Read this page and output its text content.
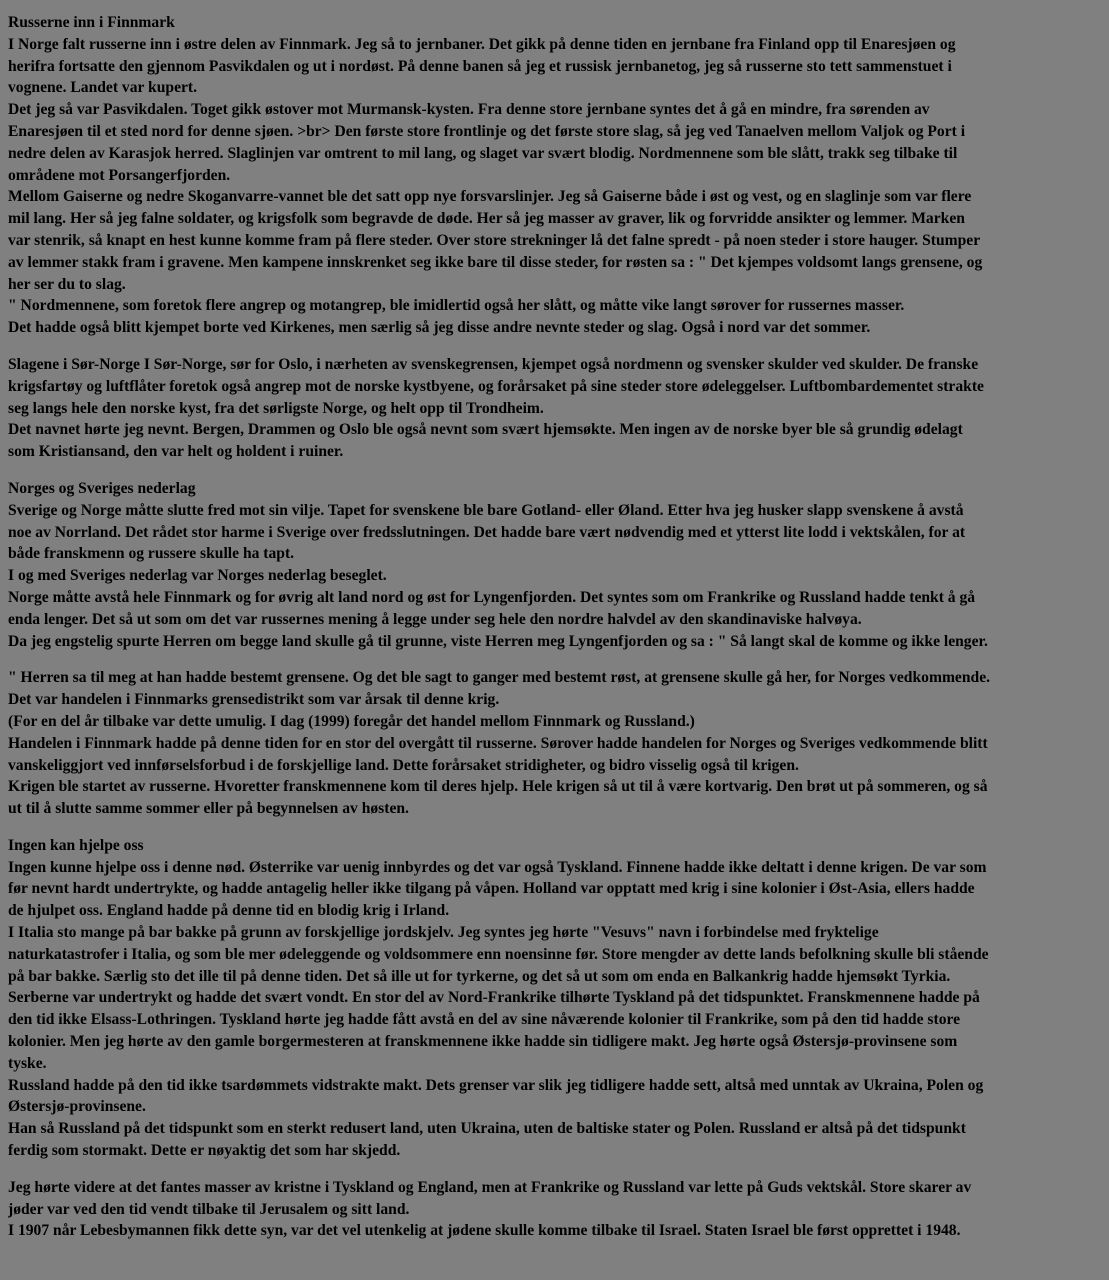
Russerne inn i Finnmark
I Norge falt russerne inn i østre delen av Finnmark. Jeg så to jernbaner. Det gikk på denne tiden en jernbane fra Finland opp til Enaresjøen og
herifra fortsatte den gjennom Pasvikdalen og ut i nordøst. På denne banen så jeg et russisk jernbanetog, jeg så russerne sto tett sammenstuet i
vognene. Landet var kupert.
Det jeg så var Pasvikdalen. Toget gikk østover mot Murmansk-kysten. Fra denne store jernbane syntes det å gå en mindre, fra sørenden av
Enaresjøen til et sted nord for denne sjøen. >br> Den første store frontlinje og det første store slag, så jeg ved Tanaelven mellom Valjok og Port i
nedre delen av Karasjok herred. Slaglinjen var omtrent to mil lang, og slaget var svært blodig. Nordmennene som ble slått, trakk seg tilbake til
områdene mot Porsangerfjorden.
Mellom Gaiserne og nedre Skoganvarre-vannet ble det satt opp nye forsvarslinjer. Jeg så Gaiserne både i øst og vest, og en slaglinje som var flere
mil lang. Her så jeg falne soldater, og krigsfolk som begravde de døde. Her så jeg masser av graver, lik og forvridde ansikter og lemmer. Marken
var stenrik, så knapt en hest kunne komme fram på flere steder. Over store strekninger lå det falne spredt - på noen steder i store hauger. Stumper
av lemmer stakk fram i gravene. Men kampene innskrenket seg ikke bare til disse steder, for røsten sa : " Det kjempes voldsomt langs grensene, og
her ser du to slag.
" Nordmennene, som foretok flere angrep og motangrep, ble imidlertid også her slått, og måtte vike langt sørover for russernes masser.
Det hadde også blitt kjempet borte ved Kirkenes, men særlig så jeg disse andre nevnte steder og slag. Også i nord var det sommer.
Slagene i Sør-Norge I Sør-Norge, sør for Oslo, i nærheten av svenskegrensen, kjempet også nordmenn og svensker skulder ved skulder. De franske
krigsfartøy og luftflåter foretok også angrep mot de norske kystbyene, og forårsaket på sine steder store ødeleggelser. Luftbombardementet strakte
seg langs hele den norske kyst, fra det sørligste Norge, og helt opp til Trondheim.
Det navnet hørte jeg nevnt. Bergen, Drammen og Oslo ble også nevnt som svært hjemsøkte. Men ingen av de norske byer ble så grundig ødelagt
som Kristiansand, den var helt og holdent i ruiner.
Norges og Sveriges nederlag
Sverige og Norge måtte slutte fred mot sin vilje. Tapet for svenskene ble bare Gotland- eller Øland. Etter hva jeg husker slapp svenskene å avstå
noe av Norrland. Det rådet stor harme i Sverige over fredsslutningen. Det hadde bare vært nødvendig med et ytterst lite lodd i vektskålen, for at
både franskmenn og russere skulle ha tapt.
I og med Sveriges nederlag var Norges nederlag beseglet.
Norge måtte avstå hele Finnmark og for øvrig alt land nord og øst for Lyngenfjorden. Det syntes som om Frankrike og Russland hadde tenkt å gå
enda lenger. Det så ut som om det var russernes mening å legge under seg hele den nordre halvdel av den skandinaviske halvøya.
Da jeg engstelig spurte Herren om begge land skulle gå til grunne, viste Herren meg Lyngenfjorden og sa : " Så langt skal de komme og ikke lenger.
" Herren sa til meg at han hadde bestemt grensene. Og det ble sagt to ganger med bestemt røst, at grensene skulle gå her, for Norges vedkommende.
Det var handelen i Finnmarks grensedistrikt som var årsak til denne krig.
(For en del år tilbake var dette umulig. I dag (1999) foregår det handel mellom Finnmark og Russland.)
Handelen i Finnmark hadde på denne tiden for en stor del overgått til russerne. Sørover hadde handelen for Norges og Sveriges vedkommende blitt
vanskeliggjort ved innførselsforbud i de forskjellige land. Dette forårsaket stridigheter, og bidro visselig også til krigen.
Krigen ble startet av russerne. Hvoretter franskmennene kom til deres hjelp. Hele krigen så ut til å være kortvarig. Den brøt ut på sommeren, og så
ut til å slutte samme sommer eller på begynnelsen av høsten.
Ingen kan hjelpe oss
Ingen kunne hjelpe oss i denne nød. Østerrike var uenig innbyrdes og det var også Tyskland. Finnene hadde ikke deltatt i denne krigen. De var som
før nevnt hardt undertrykte, og hadde antagelig heller ikke tilgang på våpen. Holland var opptatt med krig i sine kolonier i Øst-Asia, ellers hadde
de hjulpet oss. England hadde på denne tid en blodig krig i Irland.
I Italia sto mange på bar bakke på grunn av forskjellige jordskjelv. Jeg syntes jeg hørte "Vesuvs" navn i forbindelse med fryktelige
naturkatastrofer i Italia, og som ble mer ødeleggende og voldsommere enn noensinne før. Store mengder av dette lands befolkning skulle bli stående
på bar bakke. Særlig sto det ille til på denne tiden. Det så ille ut for tyrkerne, og det så ut som om enda en Balkankrig hadde hjemsøkt Tyrkia.
Serberne var undertrykt og hadde det svært vondt. En stor del av Nord-Frankrike tilhørte Tyskland på det tidspunktet. Franskmennene hadde på
den tid ikke Elsass-Lothringen. Tyskland hørte jeg hadde fått avstå en del av sine nåværende kolonier til Frankrike, som på den tid hadde store
kolonier. Men jeg hørte av den gamle borgermesteren at franskmennene ikke hadde sin tidligere makt. Jeg hørte også Østersjø-provinsene som
tyske.
Russland hadde på den tid ikke tsardømmets vidstrakte makt. Dets grenser var slik jeg tidligere hadde sett, altså med unntak av Ukraina, Polen og
Østersjø-provinsene.
Han så Russland på det tidspunkt som en sterkt redusert land, uten Ukraina, uten de baltiske stater og Polen. Russland er altså på det tidspunkt
ferdig som stormakt. Dette er nøyaktig det som har skjedd.
Jeg hørte videre at det fantes masser av kristne i Tyskland og England, men at Frankrike og Russland var lette på Guds vektskål. Store skarer av
jøder var ved den tid vendt tilbake til Jerusalem og sitt land.
I 1907 når Lebesbymannen fikk dette syn, var det vel utenkelig at jødene skulle komme tilbake til Israel. Staten Israel ble først opprettet i 1948.
